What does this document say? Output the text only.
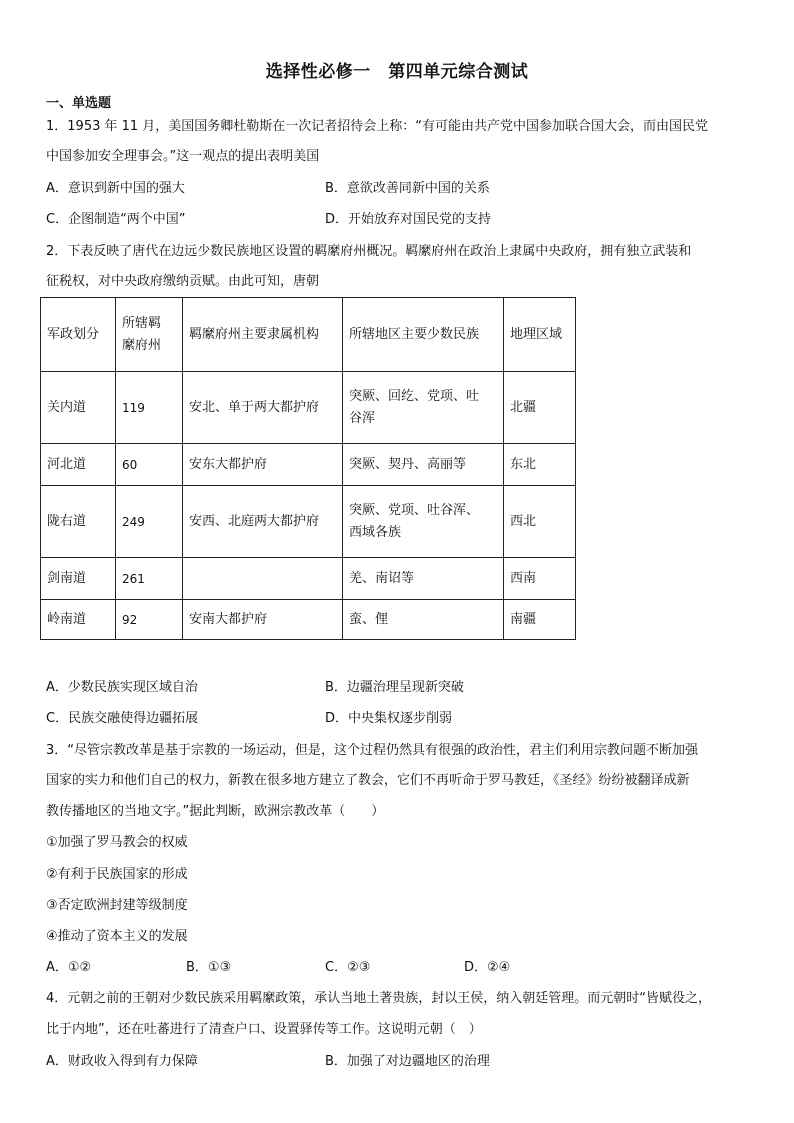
选择性必修一　第四单元综合测试
一、单选题
1．1953 年 11 月，美国国务卿杜勒斯在一次记者招待会上称：“有可能由共产党中国参加联合国大会，而由国民党
中国参加安全理事会。”这一观点的提出表明美国
A．意识到新中国的强大	B．意欲改善同新中国的关系
C．企图制造“两个中国”	D．开始放弃对国民党的支持
2．下表反映了唐代在边远少数民族地区设置的羁縻府州概况。羁縻府州在政治上隶属中央政府，拥有独立武装和
征税权，对中央政府缴纳贡赋。由此可知，唐朝
军政划分	所辖羁
縻府州	羁縻府州主要隶属机构	所辖地区主要少数民族	地理区域
关内道	119	安北、单于两大都护府	突厥、回纥、党项、吐
谷浑	北疆
河北道	60	安东大都护府	突厥、契丹、高丽等	东北
陇右道	249	安西、北庭两大都护府	突厥、党项、吐谷浑、
西域各族	西北
剑南道	261		羌、南诏等	西南
岭南道	92	安南大都护府	蛮、俚	南疆
A．少数民族实现区域自治	B．边疆治理呈现新突破
C．民族交融使得边疆拓展	D．中央集权逐步削弱
3．“尽管宗教改革是基于宗教的一场运动，但是，这个过程仍然具有很强的政治性，君主们利用宗教问题不断加强
国家的实力和他们自己的权力，新教在很多地方建立了教会，它们不再听命于罗马教廷，《圣经》纷纷被翻译成新
教传播地区的当地文字。”据此判断，欧洲宗教改革（　　）
①加强了罗马教会的权威
②有利于民族国家的形成
③否定欧洲封建等级制度
④推动了资本主义的发展
A．①②	B．①③	C．②③	D．②④
4．元朝之前的王朝对少数民族采用羁縻政策，承认当地土著贵族，封以王侯，纳入朝廷管理。而元朝时“皆赋役之，
比于内地”，还在吐蕃进行了清查户口、设置驿传等工作。这说明元朝（　）
A．财政收入得到有力保障	B．加强了对边疆地区的治理
